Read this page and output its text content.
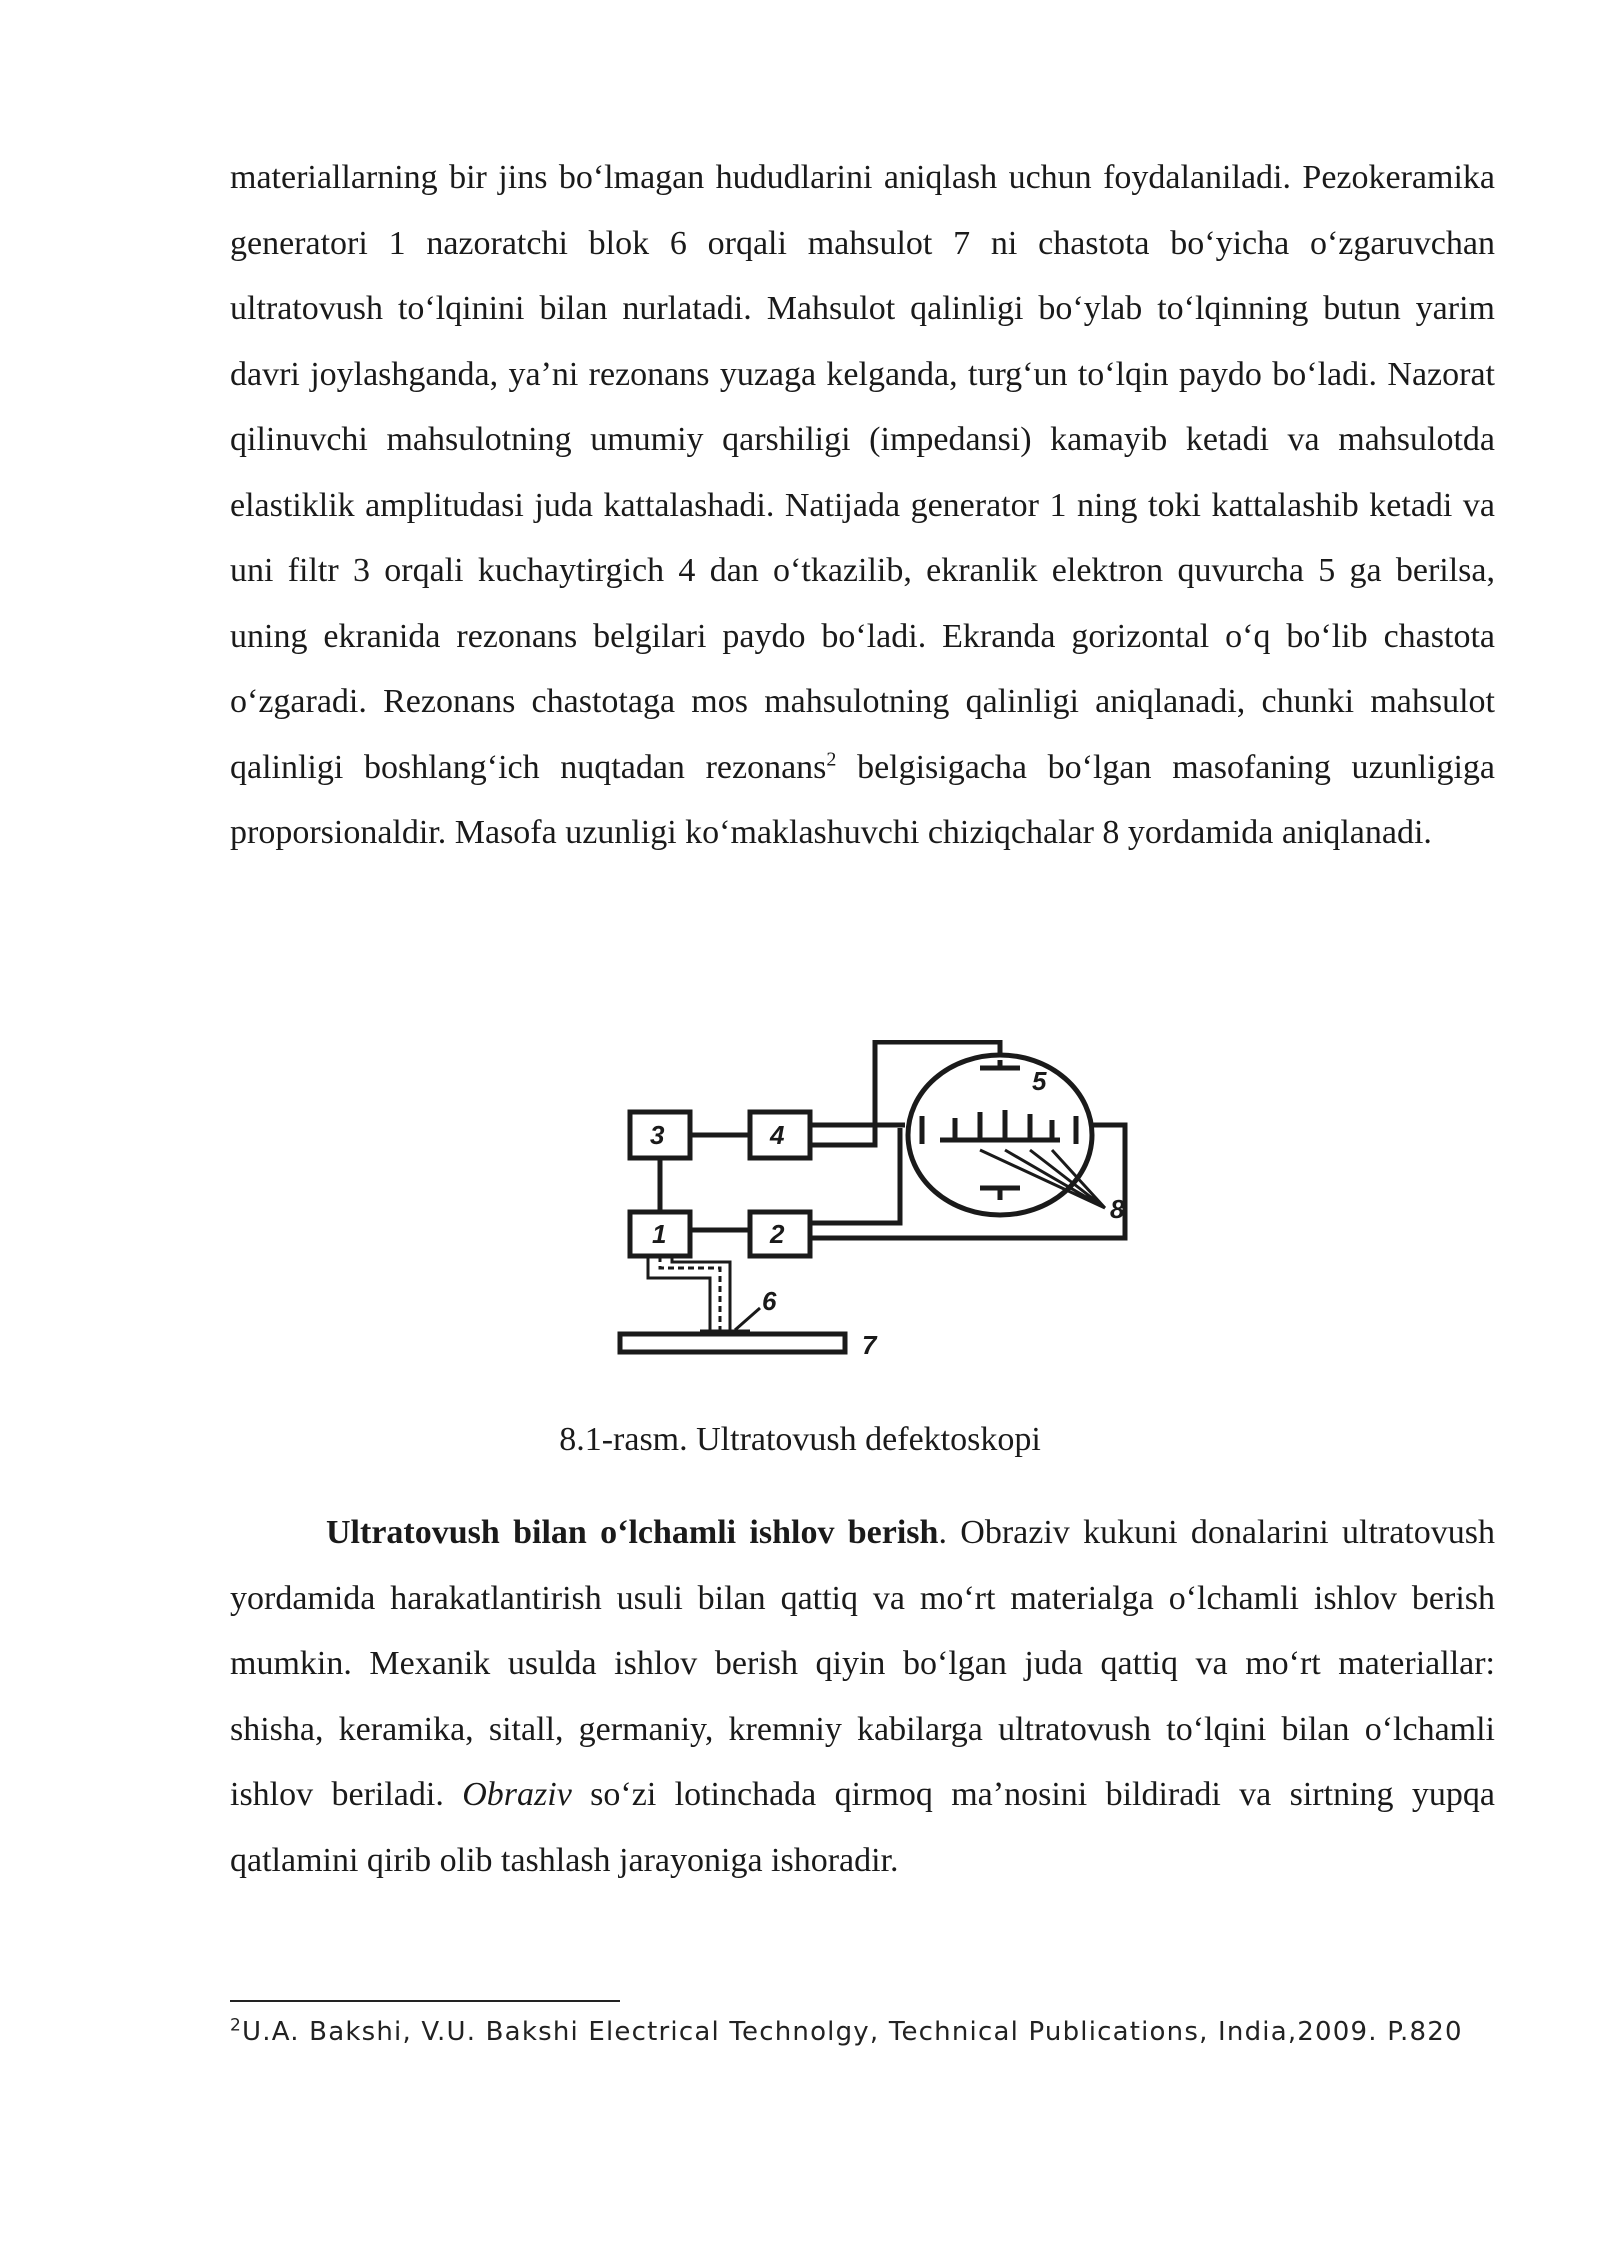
materiallarning bir jins boʻlmagan hududlarini aniqlash uchun foydalaniladi. Pezokeramika generatori 1 nazoratchi blok 6 orqali mahsulot 7 ni chastota boʻyicha oʻzgaruvchan ultratovush toʻlqinini bilan nurlatadi. Mahsulot qalinligi boʻylab toʻlqinning butun yarim davri joylashganda, yaʼni rezonans yuzaga kelganda, turgʻun toʻlqin paydo boʻladi. Nazorat qilinuvchi mahsulotning umumiy qarshiligi (impedansi) kamayib ketadi va mahsulotda elastiklik amplitudasi juda kattalashadi. Natijada generator 1 ning toki kattalashib ketadi va uni filtr 3 orqali kuchaytirgich 4 dan oʻtkazilib, ekranlik elektron quvurcha 5 ga berilsa, uning ekranida rezonans belgilari paydo boʻladi. Ekranda gorizontal oʻq boʻlib chastota oʻzgaradi. Rezonans chastotaga mos mahsulotning qalinligi aniqlanadi, chunki mahsulot qalinligi boshlangʻich nuqtadan rezonans$^2$ belgisigacha boʻlgan masofaning uzunligiga proporsionaldir. Masofa uzunligi koʻmaklashuvchi chiziqchalar 8 yordamida aniqlanadi.

3	4
1	2
5
6
7
8

8.1-rasm. Ultratovush defektoskopi

Ultratovush bilan oʻlchamli ishlov berish. Obraziv kukuni donalarini ultratovush yordamida harakatlantirish usuli bilan qattiq va moʻrt materialga oʻlchamli ishlov berish mumkin. Mexanik usulda ishlov berish qiyin boʻlgan juda qattiq va moʻrt materiallar: shisha, keramika, sitall, germaniy, kremniy kabilarga ultratovush toʻlqini bilan oʻlchamli ishlov beriladi. Obraziv soʻzi lotinchada qirmoq maʼnosini bildiradi va sirtning yupqa qatlamini qirib olib tashlash jarayoniga ishoradir.

$^2$U.A. Bakshi, V.U. Bakshi Electrical Technolgy, Technical Publications, India,2009. P.820
